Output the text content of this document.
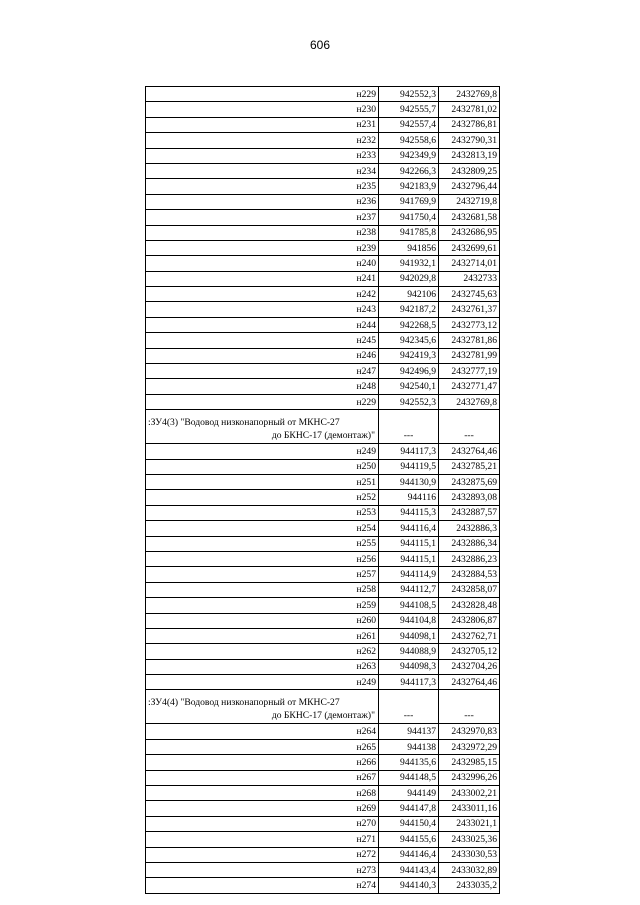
606
н229	942552,3	2432769,8
н230	942555,7	2432781,02
н231	942557,4	2432786,81
н232	942558,6	2432790,31
н233	942349,9	2432813,19
н234	942266,3	2432809,25
н235	942183,9	2432796,44
н236	941769,9	2432719,8
н237	941750,4	2432681,58
н238	941785,8	2432686,95
н239	941856	2432699,61
н240	941932,1	2432714,01
н241	942029,8	2432733
н242	942106	2432745,63
н243	942187,2	2432761,37
н244	942268,5	2432773,12
н245	942345,6	2432781,86
н246	942419,3	2432781,99
н247	942496,9	2432777,19
н248	942540,1	2432771,47
н229	942552,3	2432769,8

:ЗУ4(3) "Водовод низконапорный от МКНС-27
до БКНС-17 (демонтаж)"	---	---
н249	944117,3	2432764,46
н250	944119,5	2432785,21
н251	944130,9	2432875,69
н252	944116	2432893,08
н253	944115,3	2432887,57
н254	944116,4	2432886,3
н255	944115,1	2432886,34
н256	944115,1	2432886,23
н257	944114,9	2432884,53
н258	944112,7	2432858,07
н259	944108,5	2432828,48
н260	944104,8	2432806,87
н261	944098,1	2432762,71
н262	944088,9	2432705,12
н263	944098,3	2432704,26
н249	944117,3	2432764,46

:ЗУ4(4) "Водовод низконапорный от МКНС-27
до БКНС-17 (демонтаж)"	---	---
н264	944137	2432970,83
н265	944138	2432972,29
н266	944135,6	2432985,15
н267	944148,5	2432996,26
н268	944149	2433002,21
н269	944147,8	2433011,16
н270	944150,4	2433021,1
н271	944155,6	2433025,36
н272	944146,4	2433030,53
н273	944143,4	2433032,89
н274	944140,3	2433035,2
